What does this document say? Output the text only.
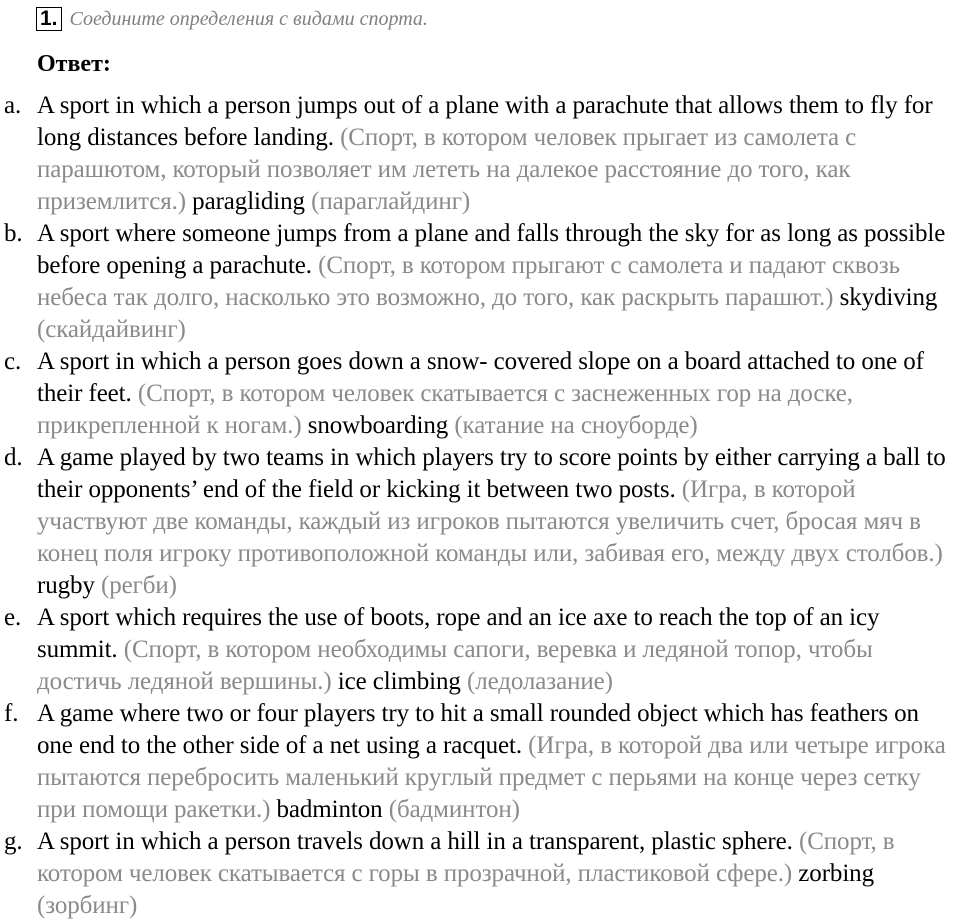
1. Соедините определения с видами спорта.
Ответ:
a. A sport in which a person jumps out of a plane with a parachute that allows them to fly for long distances before landing. (Спорт, в котором человек прыгает из самолета с парашютом, который позволяет им лететь на далекое расстояние до того, как приземлится.) paragliding (параглайдинг)
b. A sport where someone jumps from a plane and falls through the sky for as long as possible before opening a parachute. (Спорт, в котором прыгают с самолета и падают сквозь небеса так долго, насколько это возможно, до того, как раскрыть парашют.) skydiving (скайдайвинг)
c. A sport in which a person goes down a snow- covered slope on a board attached to one of their feet. (Спорт, в котором человек скатывается с заснеженных гор на доске, прикрепленной к ногам.) snowboarding (катание на сноуборде)
d. A game played by two teams in which players try to score points by either carrying a ball to their opponents’ end of the field or kicking it between two posts. (Игра, в которой участвуют две команды, каждый из игроков пытаются увеличить счет, бросая мяч в конец поля игроку противоположной команды или, забивая его, между двух столбов.) rugby (регби)
e. A sport which requires the use of boots, rope and an ice axe to reach the top of an icy summit. (Спорт, в котором необходимы сапоги, веревка и ледяной топор, чтобы достичь ледяной вершины.) ice climbing (ледолазание)
f. A game where two or four players try to hit a small rounded object which has feathers on one end to the other side of a net using a racquet. (Игра, в которой два или четыре игрока пытаются перебросить маленький круглый предмет с перьями на конце через сетку при помощи ракетки.) badminton (бадминтон)
g. A sport in which a person travels down a hill in a transparent, plastic sphere. (Спорт, в котором человек скатывается с горы в прозрачной, пластиковой сфере.) zorbing (зорбинг)
